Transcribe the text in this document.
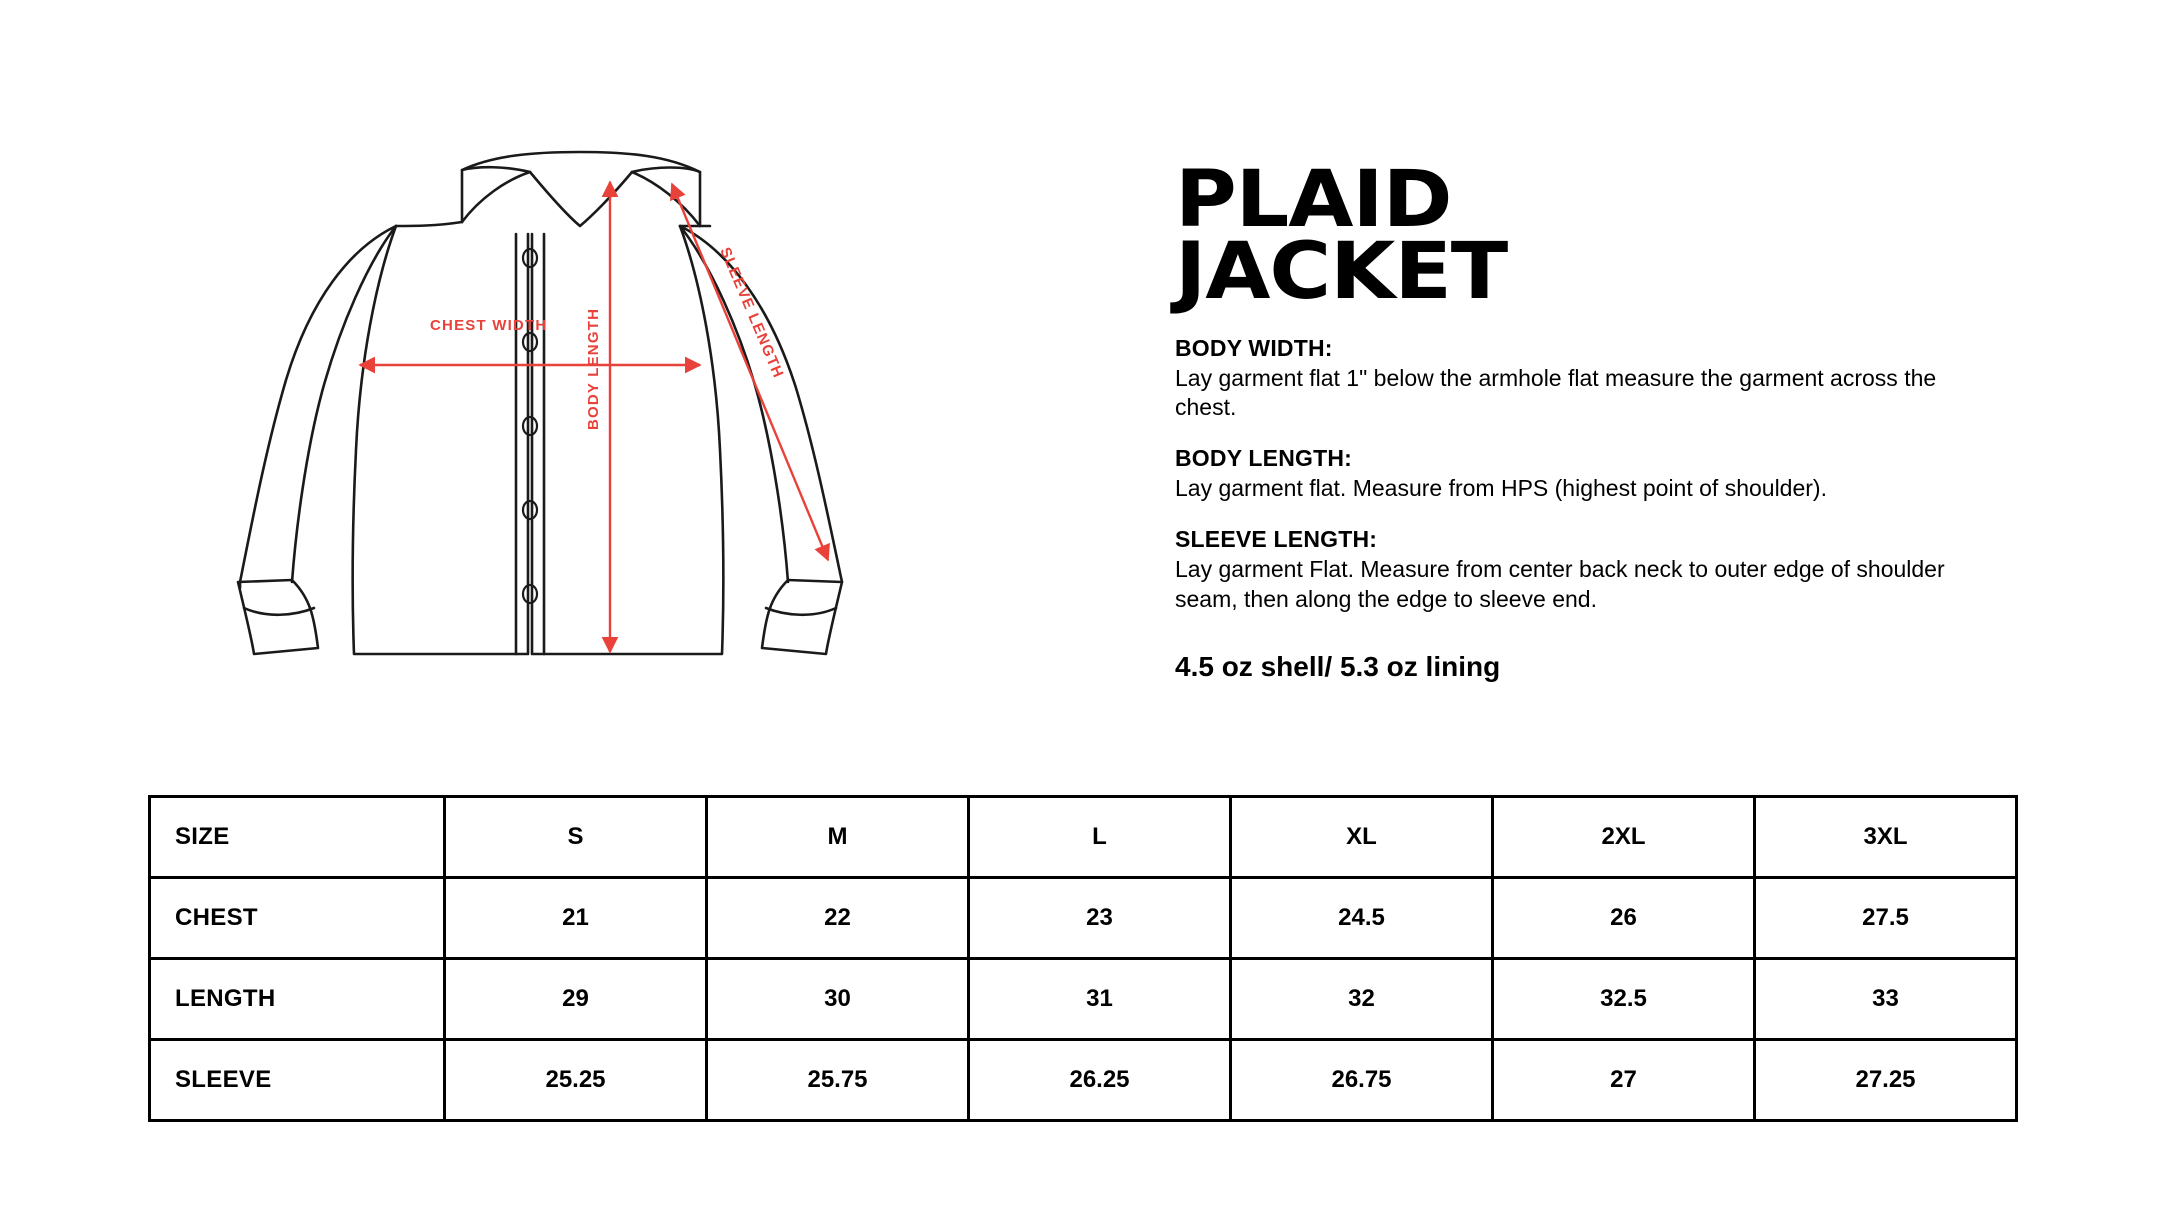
CHEST WIDTH	BODY LENGTH	SLEEVE LENGTH
PLAID
JACKET
BODY WIDTH:
Lay garment flat 1" below the armhole flat measure the garment across the chest.
BODY LENGTH:
Lay garment flat. Measure from HPS (highest point of shoulder).
SLEEVE LENGTH:
Lay garment Flat. Measure from center back neck to outer edge of shoulder seam, then along the edge to sleeve end.
4.5 oz shell/ 5.3 oz lining
SIZE	S	M	L	XL	2XL	3XL
CHEST	21	22	23	24.5	26	27.5
LENGTH	29	30	31	32	32.5	33
SLEEVE	25.25	25.75	26.25	26.75	27	27.25
